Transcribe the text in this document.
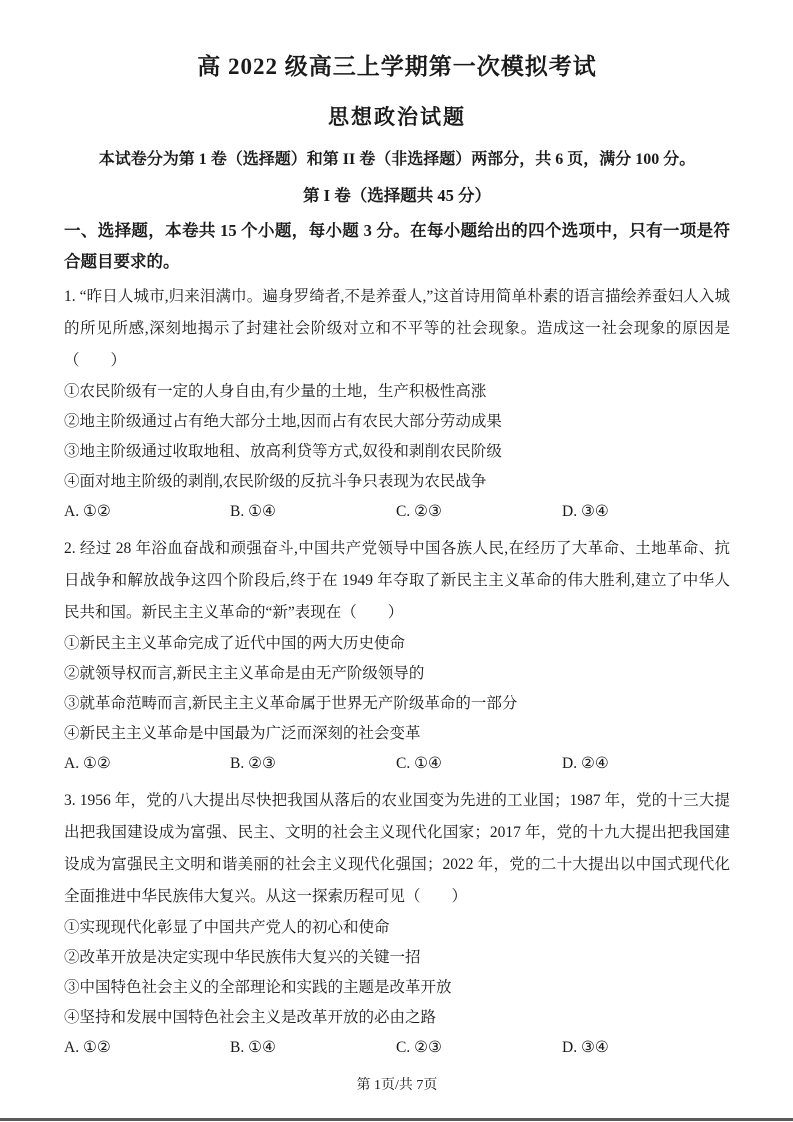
高 2022 级高三上学期第一次模拟考试
思想政治试题

本试卷分为第 1 卷（选择题）和第 II 卷（非选择题）两部分，共 6 页，满分 100 分。

第 I 卷（选择题共 45 分）

一、选择题，本卷共 15 个小题，每小题 3 分。在每小题给出的四个选项中，只有一项是符合题目要求的。

1. “昨日人城市,归来泪满巾。遍身罗绮者,不是养蚕人,”这首诗用简单朴素的语言描绘养蚕妇人入城的所见所感,深刻地揭示了封建社会阶级对立和不平等的社会现象。造成这一社会现象的原因是（　　）

①农民阶级有一定的人身自由,有少量的土地，生产积极性高涨

②地主阶级通过占有绝大部分土地,因而占有农民大部分劳动成果

③地主阶级通过收取地租、放高利贷等方式,奴役和剥削农民阶级

④面对地主阶级的剥削,农民阶级的反抗斗争只表现为农民战争

A. ①②	B. ①④	C. ②③	D. ③④

2. 经过 28 年浴血奋战和顽强奋斗,中国共产党领导中国各族人民,在经历了大革命、土地革命、抗日战争和解放战争这四个阶段后,终于在 1949 年夺取了新民主主义革命的伟大胜利,建立了中华人民共和国。新民主主义革命的“新”表现在（　　）

①新民主主义革命完成了近代中国的两大历史使命

②就领导权而言,新民主主义革命是由无产阶级领导的

③就革命范畴而言,新民主主义革命属于世界无产阶级革命的一部分

④新民主主义革命是中国最为广泛而深刻的社会变革

A. ①②	B. ②③	C. ①④	D. ②④

3. 1956 年，党的八大提出尽快把我国从落后的农业国变为先进的工业国；1987 年，党的十三大提出把我国建设成为富强、民主、文明的社会主义现代化国家；2017 年，党的十九大提出把我国建设成为富强民主文明和谐美丽的社会主义现代化强国；2022 年，党的二十大提出以中国式现代化全面推进中华民族伟大复兴。从这一探索历程可见（　　）

①实现现代化彰显了中国共产党人的初心和使命

②改革开放是决定实现中华民族伟大复兴的关键一招

③中国特色社会主义的全部理论和实践的主题是改革开放

④坚持和发展中国特色社会主义是改革开放的必由之路

A. ①②	B. ①④	C. ②③	D. ③④

第 1页/共 7页
